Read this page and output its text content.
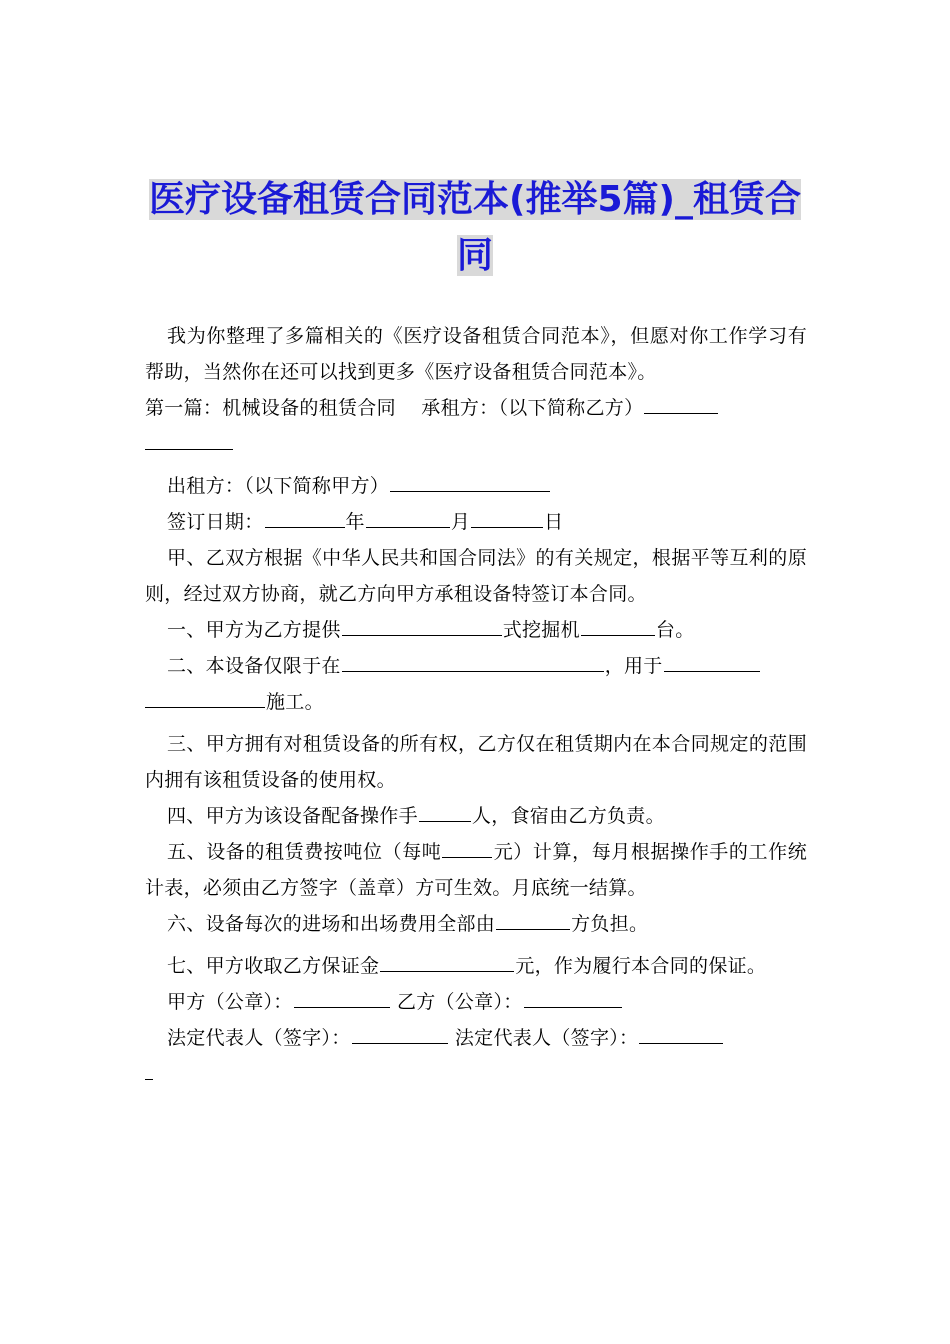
医疗设备租赁合同范本(推举5篇)_租赁合同

我为你整理了多篇相关的《医疗设备租赁合同范本》，但愿对你工作学习有帮助，当然你在还可以找到更多《医疗设备租赁合同范本》。

第一篇：机械设备的租赁合同 承租方：（以下简称乙方）

出租方：（以下简称甲方）

签订日期：	年	月	日

甲、乙双方根据《中华人民共和国合同法》的有关规定，根据平等互利的原则，经过双方协商，就乙方向甲方承租设备特签订本合同。

一、甲方为乙方提供	式挖掘机	台。

二、本设备仅限于在	，用于
施工。

三、甲方拥有对租赁设备的所有权，乙方仅在租赁期内在本合同规定的范围内拥有该租赁设备的使用权。

四、甲方为该设备配备操作手	人，食宿由乙方负责。

五、设备的租赁费按吨位（每吨	元）计算，每月根据操作手的工作统计表，必须由乙方签字（盖章）方可生效。月底统一结算。

六、设备每次的进场和出场费用全部由	方负担。

七、甲方收取乙方保证金	元，作为履行本合同的保证。

甲方（公章）：	乙方（公章）：

法定代表人（签字）：	法定代表人（签字）：
